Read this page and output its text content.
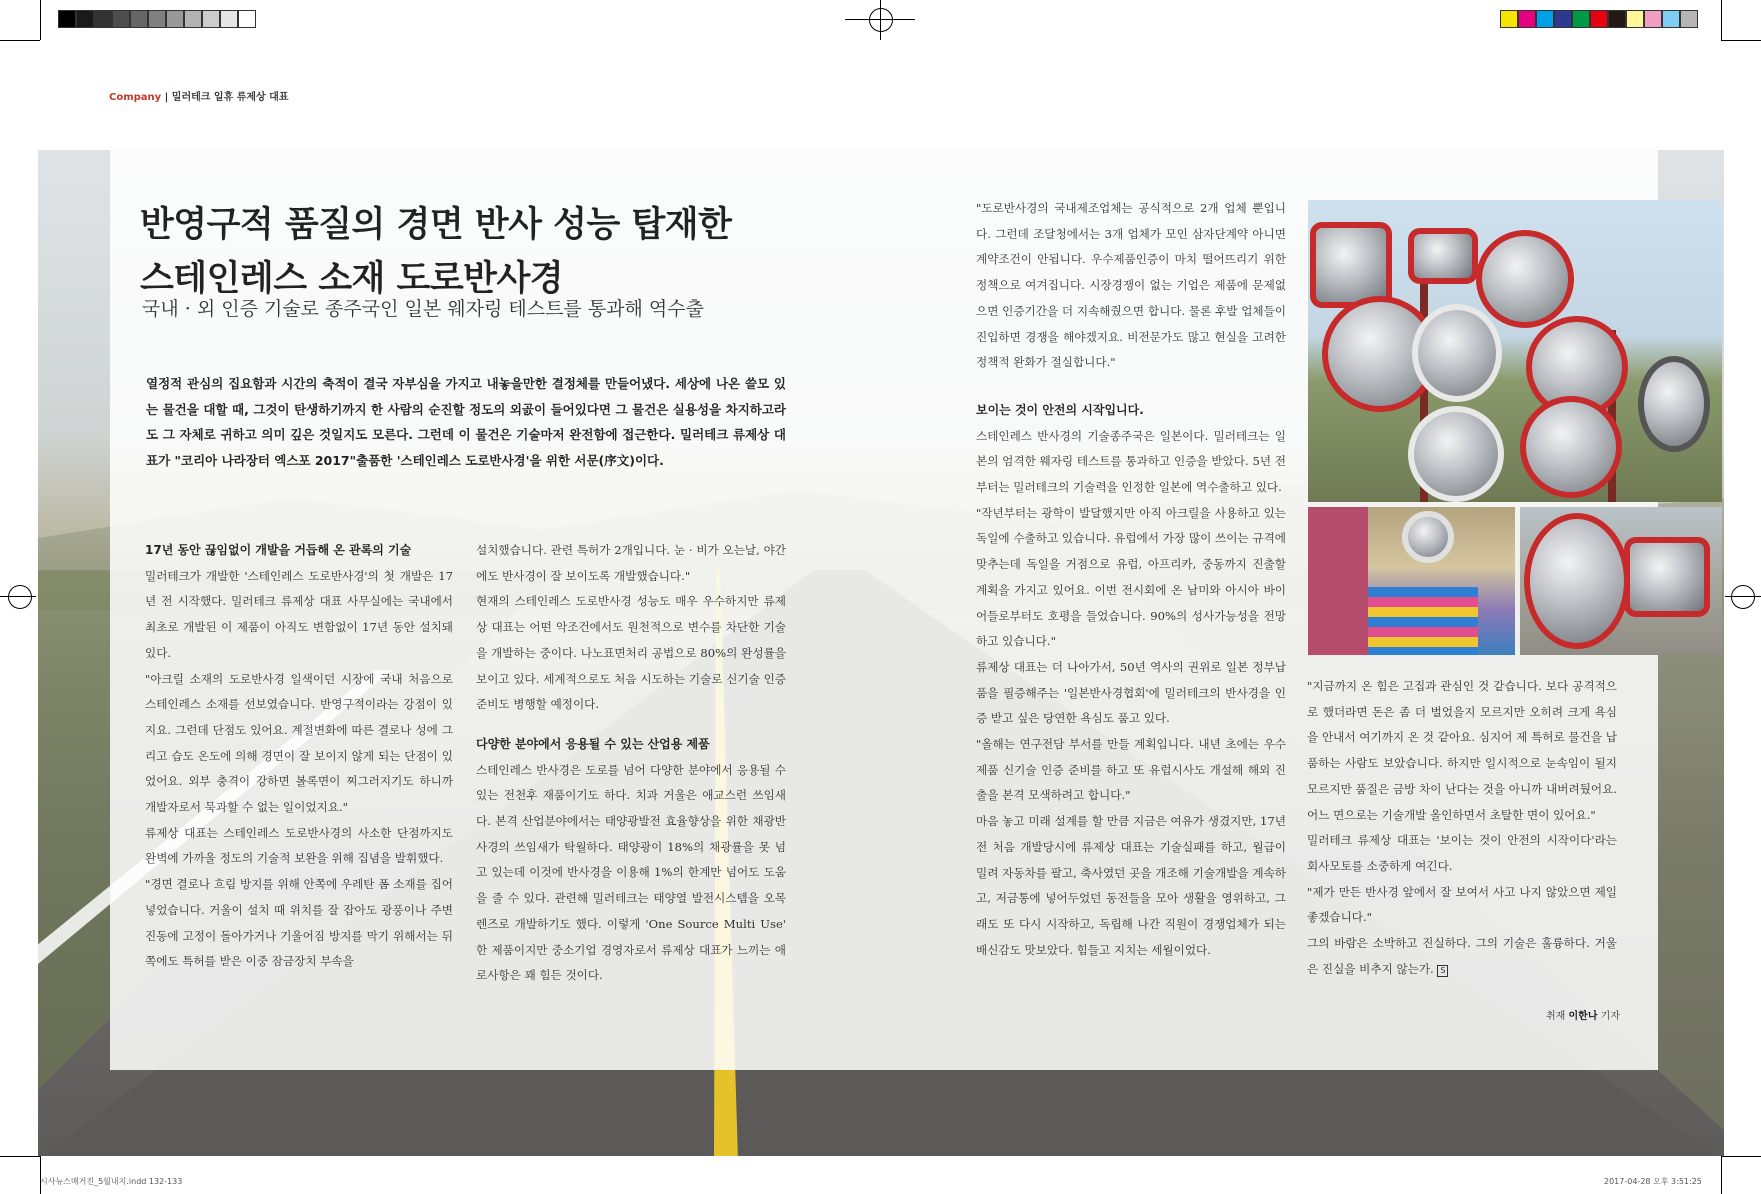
Company | 밀러테크 일휴 류제상 대표
반영구적 품질의 경면 반사 성능 탑재한
스테인레스 소재 도로반사경
국내 · 외 인증 기술로 종주국인 일본 웨자링 테스트를 통과해 역수출
열정적 관심의 집요함과 시간의 축적이 결국 자부심을 가지고 내놓을만한 결정체를 만들어냈다. 세상에 나온 쓸모 있는 물건을 대할 때, 그것이 탄생하기까지 한 사람의 순진할 정도의 외곬이 들어있다면 그 물건은 실용성을 차지하고라도 그 자체로 귀하고 의미 깊은 것일지도 모른다. 그런데 이 물건은 기술마저 완전함에 접근한다. 밀러테크 류제상 대표가 "코리아 나라장터 엑스포 2017"출품한 '스테인레스 도로반사경'을 위한 서문(序文)이다.

17년 동안 끊임없이 개발을 거듭해 온 관록의 기술

밀러테크가 개발한 '스테인레스 도로반사경'의 첫 개발은 17년 전 시작했다. 밀러테크 류제상 대표 사무실에는 국내에서 최초로 개발된 이 제품이 아직도 변함없이 17년 동안 설치돼 있다.

"아크릴 소재의 도로반사경 일색이던 시장에 국내 처음으로 스테인레스 소재를 선보였습니다. 반영구적이라는 강점이 있지요. 그런데 단점도 있어요. 계절변화에 따른 결로나 성에 그리고 습도 온도에 의해 경면이 잘 보이지 않게 되는 단점이 있었어요. 외부 충격이 강하면 볼록면이 찌그러지기도 하니까 개발자로서 묵과할 수 없는 일이었지요."

류제상 대표는 스테인레스 도로반사경의 사소한 단점까지도 완벽에 가까울 정도의 기술적 보완을 위해 집념을 발휘했다.

"경면 결로나 흐림 방지를 위해 안쪽에 우레탄 폼 소재를 집어넣었습니다. 거울이 설치 때 위치를 잘 잡아도 광풍이나 주변 진동에 고정이 돌아가거나 기울어짐 방지를 막기 위해서는 뒤쪽에도 특허를 받은 이중 잠금장치 부속을

설치했습니다. 관련 특허가 2개입니다. 눈 · 비가 오는날, 야간에도 반사경이 잘 보이도록 개발했습니다."

현재의 스테인레스 도로반사경 성능도 매우 우수하지만 류제상 대표는 어떤 악조건에서도 원천적으로 변수를 차단한 기술을 개발하는 중이다. 나노표면처리 공법으로 80%의 완성률을 보이고 있다. 세계적으로도 처음 시도하는 기술로 신기술 인증준비도 병행할 예정이다.

다양한 분야에서 응용될 수 있는 산업용 제품

스테인레스 반사경은 도로를 넘어 다양한 분야에서 응용될 수 있는 전천후 재품이기도 하다. 치과 거울은 애교스런 쓰임새다. 본격 산업분야에서는 태양광발전 효율향상을 위한 채광반사경의 쓰임새가 탁월하다. 태양광이 18%의 채광률을 못 넘고 있는데 이것에 반사경을 이용해 1%의 한계만 넘어도 도움을 줄 수 있다. 관련해 밀러테크는 태양열 발전시스템을 오목렌즈로 개발하기도 했다. 이렇게 'One Source Multi Use' 한 제품이지만 중소기업 경영자로서 류제상 대표가 느끼는 애로사항은 꽤 힘든 것이다.

"도로반사경의 국내제조업체는 공식적으로 2개 업체 뿐입니다. 그런데 조달청에서는 3개 업체가 모인 삼자단계약 아니면 계약조건이 안됩니다. 우수제품인증이 마치 떨어뜨리기 위한 정책으로 여겨집니다. 시장경쟁이 없는 기업은 제품에 문제없으면 인증기간을 더 지속해줬으면 합니다. 물론 후발 업체들이 진입하면 경쟁을 해야겠지요. 비전문가도 많고 현실을 고려한 정책적 완화가 절실합니다."

보이는 것이 안전의 시작입니다.

스테인레스 반사경의 기술종주국은 일본이다. 밀러테크는 일본의 엄격한 웨자링 테스트를 통과하고 인증을 받았다. 5년 전부터는 밀러테크의 기술력을 인정한 일본에 역수출하고 있다.

"작년부터는 광학이 발달했지만 아직 아크릴을 사용하고 있는 독일에 수출하고 있습니다. 유럽에서 가장 많이 쓰이는 규격에 맞추는데 독일을 거점으로 유럽, 아프리카, 중동까지 진출할 계획을 가지고 있어요. 이번 전시회에 온 남미와 아시아 바이어들로부터도 호평을 들었습니다. 90%의 성사가능성을 전망하고 있습니다."

류제상 대표는 더 나아가서, 50년 역사의 권위로 일본 정부납품을 필증해주는 '일본반사경협회'에 밀러테크의 반사경을 인증 받고 싶은 당연한 욕심도 품고 있다.

"올해는 연구전담 부서를 만들 계획입니다. 내년 초에는 우수제품 신기술 인증 준비를 하고 또 유럽시사도 개설해 해외 진출을 본격 모색하려고 합니다."

마음 놓고 미래 설계를 할 만큼 지금은 여유가 생겼지만, 17년 전 처음 개발당시에 류제상 대표는 기술실패를 하고, 월급이 밀려 자동차를 팔고, 축사였던 곳을 개조해 기술개발을 계속하고, 저금통에 넣어두었던 동전들을 모아 생활을 영위하고, 그래도 또 다시 시작하고, 독립해 나간 직원이 경쟁업체가 되는 배신감도 맛보았다. 힘들고 지치는 세월이었다.

"지금까지 온 힘은 고집과 관심인 것 같습니다. 보다 공격적으로 했더라면 돈은 좀 더 벌었을지 모르지만 오히려 크게 욕심을 안내서 여기까지 온 것 같아요. 심지어 제 특허로 물건을 납품하는 사람도 보았습니다. 하지만 일시적으로 눈속임이 될지 모르지만 품질은 금방 차이 난다는 것을 아니까 내버려뒀어요. 어느 면으로는 기술개발 올인하면서 초탈한 면이 있어요."

밀러테크 류제상 대표는 '보이는 것이 안전의 시작이다'라는 회사모토를 소중하게 여긴다.

"제가 만든 반사경 앞에서 잘 보여서 사고 나지 않았으면 제일 좋겠습니다."

그의 바람은 소박하고 진실하다. 그의 기술은 훌륭하다. 거울은 진실을 비추지 않는가. S

취재 이한나 기자
시사뉴스매거진_5월내지.indd 132-133	2017-04-28 오후 3:51:25
